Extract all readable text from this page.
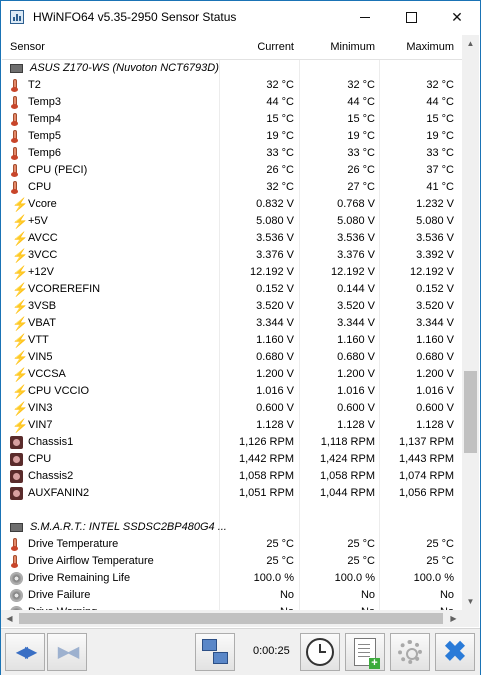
HWiNFO64 v5.35-2950 Sensor Status	✕
Sensor	Current	Minimum	Maximum
ASUS Z170-WS (Nuvoton NCT6793D)
T2	32 °C	32 °C	32 °C
Temp3	44 °C	44 °C	44 °C
Temp4	15 °C	15 °C	15 °C
Temp5	19 °C	19 °C	19 °C
Temp6	33 °C	33 °C	33 °C
CPU (PECI)	26 °C	26 °C	37 °C
CPU	32 °C	27 °C	41 °C
⚡ Vcore	0.832 V	0.768 V	1.232 V
⚡ +5V	5.080 V	5.080 V	5.080 V
⚡ AVCC	3.536 V	3.536 V	3.536 V
⚡ 3VCC	3.376 V	3.376 V	3.392 V
⚡ +12V	12.192 V	12.192 V	12.192 V
⚡ VCOREREFIN	0.152 V	0.144 V	0.152 V
⚡ 3VSB	3.520 V	3.520 V	3.520 V
⚡ VBAT	3.344 V	3.344 V	3.344 V
⚡ VTT	1.160 V	1.160 V	1.160 V
⚡ VIN5	0.680 V	0.680 V	0.680 V
⚡ VCCSA	1.200 V	1.200 V	1.200 V
⚡ CPU VCCIO	1.016 V	1.016 V	1.016 V
⚡ VIN3	0.600 V	0.600 V	0.600 V
⚡ VIN7	1.128 V	1.128 V	1.128 V
Chassis1	1,126 RPM	1,118 RPM	1,137 RPM
CPU	1,442 RPM	1,424 RPM	1,443 RPM
Chassis2	1,058 RPM	1,058 RPM	1,074 RPM
AUXFANIN2	1,051 RPM	1,044 RPM	1,056 RPM
S.M.A.R.T.: INTEL SSDSC2BP480G4 ...
Drive Temperature	25 °C	25 °C	25 °C
Drive Airflow Temperature	25 °C	25 °C	25 °C
Drive Remaining Life	100.0 %	100.0 %	100.0 %
Drive Failure	No	No	No
▲
▼
◀	▶
◀▶ ▶◀	0:00:25
+ ✖
